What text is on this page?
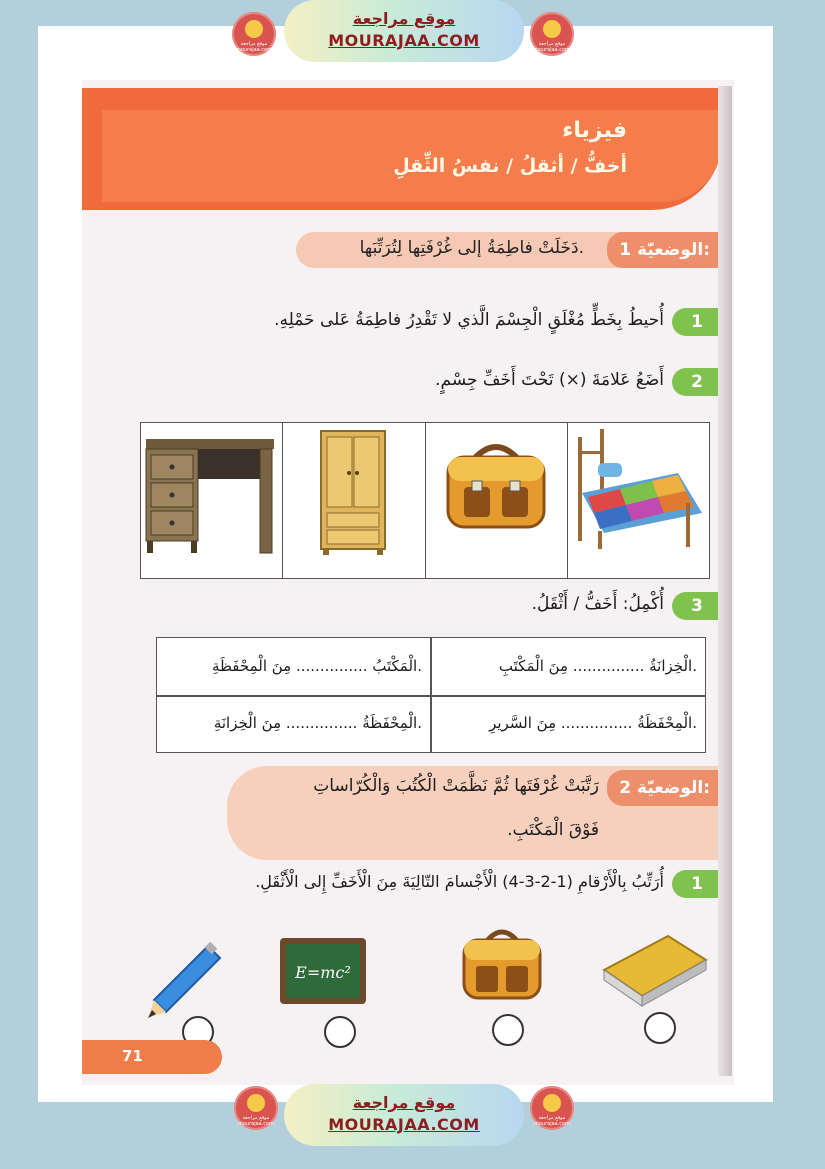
موقع مراجعة mourajaa.com
موقع مراجعة
MOURAJAA.COM	موقع مراجعة mourajaa.com
فيزياء
أخفُّ / أثقلُ / نفسُ الثِّقلِ
الوضعيّة 1:
دَخَلَتْ فاطِمَةُ إلى غُرْفَتِها لِتُرَتِّبَها.
1
أُحيطُ بِخَطٍّ مُغْلَقٍ الْجِسْمَ الَّذي لا تَقْدِرُ فاطِمَةُ عَلى حَمْلِهِ.
2
أَضَعُ عَلامَةَ (×) تَحْتَ أَخَفِّ جِسْمٍ.
3
أُكْمِلُ: أَخَفُّ / أَثْقَلُ.
الْخِزانَةُ ............... مِنَ الْمَكْتَبِ.
الْمَكْتَبُ ............... مِنَ الْمِحْفَظَةِ.
الْمِحْفَظَةُ ............... مِنَ السَّريرِ.
الْمِحْفَظَةُ ............... مِنَ الْخِزانَةِ.
الوضعيّة 2:
رَتَّبَتْ غُرْفَتَها ثُمَّ نَظَّمَتْ الْكُتُبَ وَالْكُرّاساتِ
فَوْقَ الْمَكْتَبِ.
1
أُرَتِّبُ بِالْأَرْقامِ (1-2-3-4) الْأَجْسامَ التّالِيَةَ مِنَ الْأَخَفِّ إِلى الْأَثْقَلِ.
E=mc²
71
موقع مراجعة mourajaa.com
موقع مراجعة
MOURAJAA.COM	موقع مراجعة mourajaa.com
